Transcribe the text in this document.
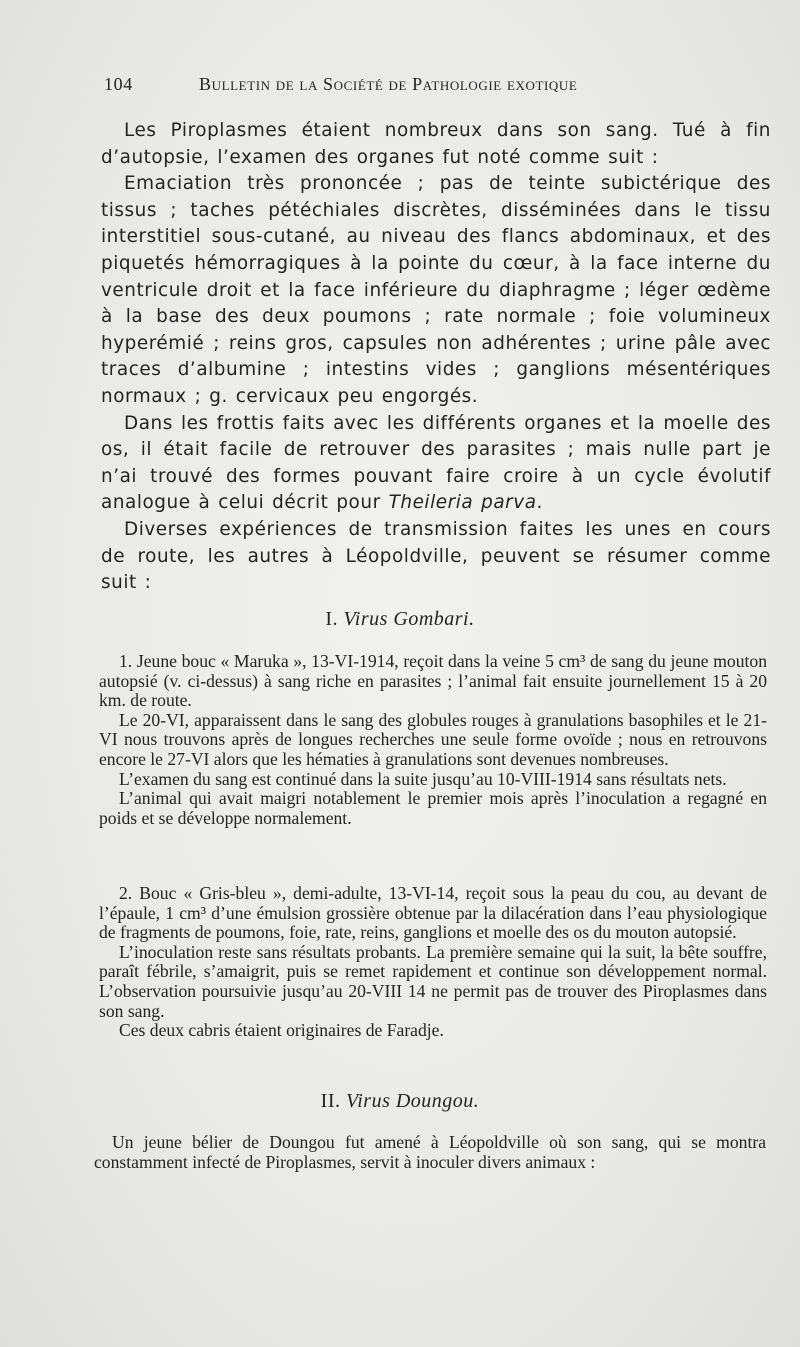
104	Bulletin de la Société de Pathologie exotique

Les Piroplasmes étaient nombreux dans son sang. Tué à fin d’autopsie, l’examen des organes fut noté comme suit :

Emaciation très prononcée ; pas de teinte subictérique des tissus ; taches pétéchiales discrètes, disséminées dans le tissu interstitiel sous-cutané, au niveau des flancs abdominaux, et des piquetés hémorragiques à la pointe du cœur, à la face interne du ventricule droit et la face inférieure du diaphragme ; léger œdème à la base des deux poumons ; rate normale ; foie volumineux hyperémié ; reins gros, capsules non adhérentes ; urine pâle avec traces d’albumine ; intestins vides ; ganglions mésentériques normaux ; g. cervicaux peu engorgés.

Dans les frottis faits avec les différents organes et la moelle des os, il était facile de retrouver des parasites ; mais nulle part je n’ai trouvé des formes pouvant faire croire à un cycle évolutif analogue à celui décrit pour Theileria parva.

Diverses expériences de transmission faites les unes en cours de route, les autres à Léopoldville, peuvent se résumer comme suit :

I. Virus Gombari.

1. Jeune bouc « Maruka », 13-VI-1914, reçoit dans la veine 5 cm³ de sang du jeune mouton autopsié (v. ci-dessus) à sang riche en parasites ; l’animal fait ensuite journellement 15 à 20 km. de route.

Le 20-VI, apparaissent dans le sang des globules rouges à granulations basophiles et le 21-VI nous trouvons après de longues recherches une seule forme ovoïde ; nous en retrouvons encore le 27-VI alors que les hématies à granulations sont devenues nombreuses.

L’examen du sang est continué dans la suite jusqu’au 10-VIII-1914 sans résultats nets.

L’animal qui avait maigri notablement le premier mois après l’inoculation a regagné en poids et se développe normalement.

2. Bouc « Gris-bleu », demi-adulte, 13-VI-14, reçoit sous la peau du cou, au devant de l’épaule, 1 cm³ d’une émulsion grossière obtenue par la dilacération dans l’eau physiologique de fragments de poumons, foie, rate, reins, ganglions et moelle des os du mouton autopsié.

L’inoculation reste sans résultats probants. La première semaine qui la suit, la bête souffre, paraît fébrile, s’amaigrit, puis se remet rapidement et continue son développement normal. L’observation poursuivie jusqu’au 20-VIII 14 ne permit pas de trouver des Piroplasmes dans son sang.

Ces deux cabris étaient originaires de Faradje.

II. Virus Doungou.

Un jeune bélier de Doungou fut amené à Léopoldville où son sang, qui se montra constamment infecté de Piroplasmes, servit à inoculer divers animaux :
